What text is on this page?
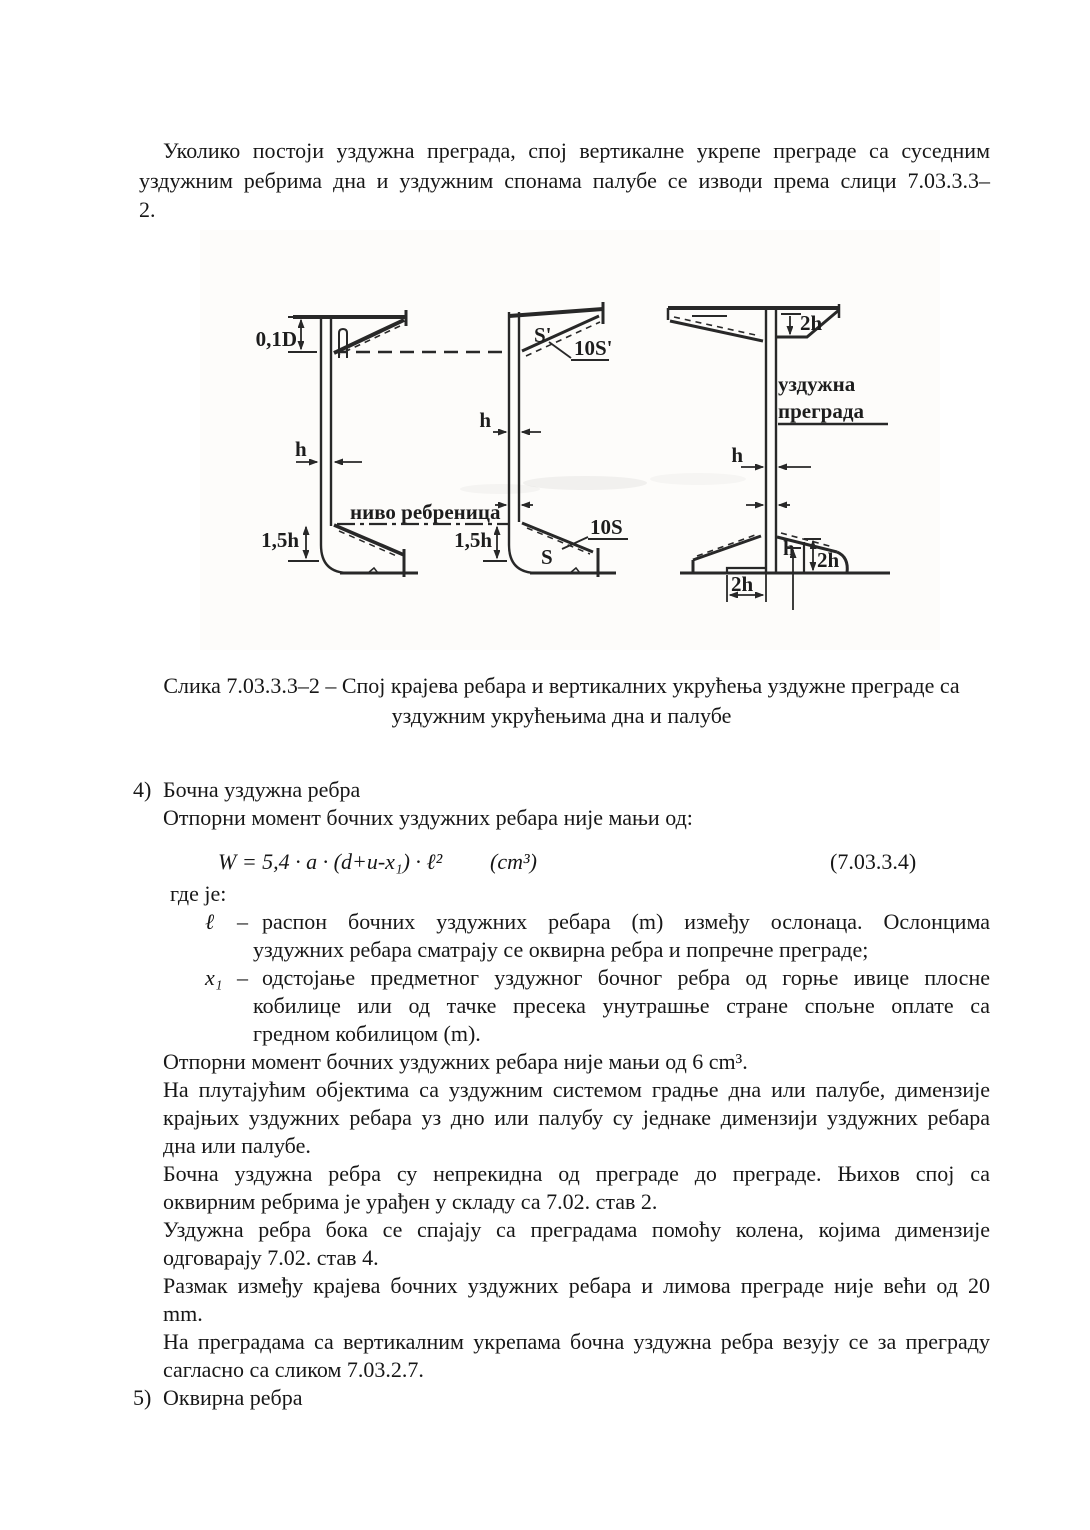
Уколико постоји уздужна преграда, спој вертикалне укрепе преграде са суседним
уздужним ребрима дна и уздужним спонама палубе се изводи према слици 7.03.3.3–
2.
0,1D
h
1,5h
S'
10S'
h
ниво ребреница
1,5h
S
10S
2h
уздужна
преграда
h
h 2h
2h
Слика 7.03.3.3–2 – Спој крајева ребара и вертикалних укрућења уздужне преграде са
уздужним укрућењима дна и палубе
4) Бочна уздужна ребра
Отпорни момент бочних уздужних ребара није мањи од:
W = 5,4 · a · (d+u-x₁) · ℓ² (cm³)	(7.03.3.4)
где је:
ℓ – распон бочних уздужних ребара (m) између ослонаца. Ослонцима
уздужних ребара сматрају се оквирна ребра и попречне преграде;
x₁ – одстојање предметног уздужног бочног ребра од горње ивице плосне
кобилице или од тачке пресека унутрашње стране спољне оплате са
гредном кобилицом (m).
Отпорни момент бочних уздужних ребара није мањи од 6 cm³.
На плутајућим објектима са уздужним системом градње дна или палубе, димензије
крајњих уздужних ребара уз дно или палубу су једнаке димензији уздужних ребара
дна или палубе.
Бочна уздужна ребра су непрекидна од преграде до преграде. Њихов спој са
оквирним ребрима је урађен у складу са 7.02. став 2.
Уздужна ребра бока се спајају са преградама помоћу колена, којима димензије
одговарају 7.02. став 4.
Размак између крајева бочних уздужних ребара и лимова преграде није већи од 20
mm.
На преградама са вертикалним укрепама бочна уздужна ребра везују се за преграду
сагласно са сликом 7.03.2.7.
5) Оквирна ребра
